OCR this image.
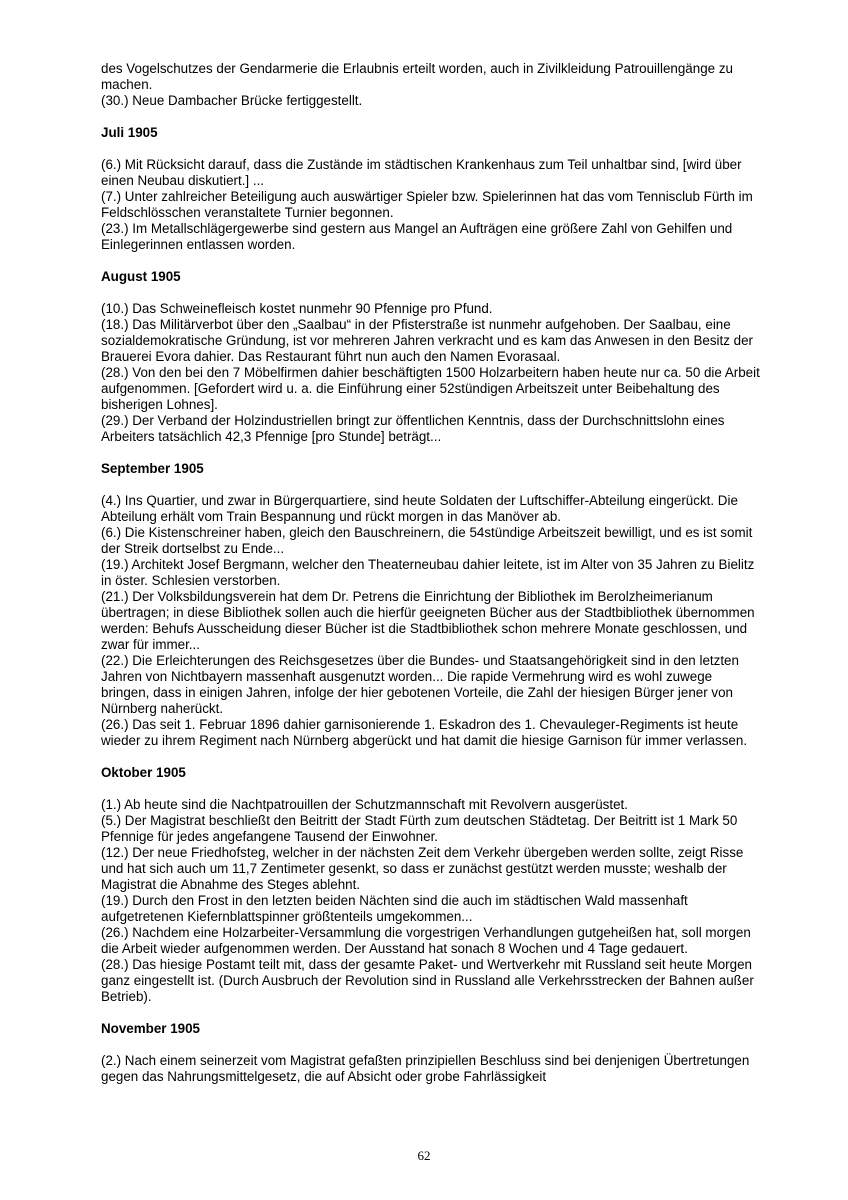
des Vogelschutzes der Gendarmerie die Erlaubnis erteilt worden, auch in Zivilkleidung Patrouillengänge zu machen.

(30.) Neue Dambacher Brücke fertiggestellt.

Juli 1905

(6.) Mit Rücksicht darauf, dass die Zustände im städtischen Krankenhaus zum Teil unhaltbar sind, [wird über einen Neubau diskutiert.] ...

(7.) Unter zahlreicher Beteiligung auch auswärtiger Spieler bzw. Spielerinnen hat das vom Tennisclub Fürth im Feldschlösschen veranstaltete Turnier begonnen.

(23.) Im Metallschlägergewerbe sind gestern aus Mangel an Aufträgen eine größere Zahl von Gehilfen und Einlegerinnen entlassen worden.

August 1905

(10.) Das Schweinefleisch kostet nunmehr 90 Pfennige pro Pfund.

(18.) Das Militärverbot über den „Saalbau“ in der Pfisterstraße ist nunmehr aufgehoben. Der Saalbau, eine sozialdemokratische Gründung, ist vor mehreren Jahren verkracht und es kam das Anwesen in den Besitz der Brauerei Evora dahier. Das Restaurant führt nun auch den Namen Evorasaal.

(28.) Von den bei den 7 Möbelfirmen dahier beschäftigten 1500 Holzarbeitern haben heute nur ca. 50 die Arbeit aufgenommen. [Gefordert wird u. a. die Einführung einer 52stündigen Arbeitszeit unter Beibehaltung des bisherigen Lohnes].

(29.) Der Verband der Holzindustriellen bringt zur öffentlichen Kenntnis, dass der Durchschnittslohn eines Arbeiters tatsächlich 42,3 Pfennige [pro Stunde] beträgt...

September 1905

(4.) Ins Quartier, und zwar in Bürgerquartiere, sind heute Soldaten der Luftschiffer-Abteilung eingerückt. Die Abteilung erhält vom Train Bespannung und rückt morgen in das Manöver ab.

(6.) Die Kistenschreiner haben, gleich den Bauschreinern, die 54stündige Arbeitszeit bewilligt, und es ist somit der Streik dortselbst zu Ende...

(19.) Architekt Josef Bergmann, welcher den Theaterneubau dahier leitete, ist im Alter von 35 Jahren zu Bielitz in öster. Schlesien verstorben.

(21.) Der Volksbildungsverein hat dem Dr. Petrens die Einrichtung der Bibliothek im Berolzheimerianum übertragen; in diese Bibliothek sollen auch die hierfür geeigneten Bücher aus der Stadtbibliothek übernommen werden: Behufs Ausscheidung dieser Bücher ist die Stadtbibliothek schon mehrere Monate geschlossen, und zwar für immer...

(22.) Die Erleichterungen des Reichsgesetzes über die Bundes- und Staatsangehörigkeit sind in den letzten Jahren von Nichtbayern massenhaft ausgenutzt worden... Die rapide Vermehrung wird es wohl zuwege bringen, dass in einigen Jahren, infolge der hier gebotenen Vorteile, die Zahl der hiesigen Bürger jener von Nürnberg naherückt.

(26.) Das seit 1. Februar 1896 dahier garnisonierende 1. Eskadron des 1. Chevauleger-Regiments ist heute wieder zu ihrem Regiment nach Nürnberg abgerückt und hat damit die hiesige Garnison für immer verlassen.

Oktober 1905

(1.) Ab heute sind die Nachtpatrouillen der Schutzmannschaft mit Revolvern ausgerüstet.

(5.) Der Magistrat beschließt den Beitritt der Stadt Fürth zum deutschen Städtetag. Der Beitritt ist 1 Mark 50 Pfennige für jedes angefangene Tausend der Einwohner.

(12.) Der neue Friedhofsteg, welcher in der nächsten Zeit dem Verkehr übergeben werden sollte, zeigt Risse und hat sich auch um 11,7 Zentimeter gesenkt, so dass er zunächst gestützt werden musste; weshalb der Magistrat die Abnahme des Steges ablehnt.

(19.) Durch den Frost in den letzten beiden Nächten sind die auch im städtischen Wald massenhaft aufgetretenen Kiefernblattspinner größtenteils umgekommen...

(26.) Nachdem eine Holzarbeiter-Versammlung die vorgestrigen Verhandlungen gutgeheißen hat, soll morgen die Arbeit wieder aufgenommen werden. Der Ausstand hat sonach 8 Wochen und 4 Tage gedauert.

(28.) Das hiesige Postamt teilt mit, dass der gesamte Paket- und Wertverkehr mit Russland seit heute Morgen ganz eingestellt ist. (Durch Ausbruch der Revolution sind in Russland alle Verkehrsstrecken der Bahnen außer Betrieb).

November 1905

(2.) Nach einem seinerzeit vom Magistrat gefaßten prinzipiellen Beschluss sind bei denjenigen Übertretungen gegen das Nahrungsmittelgesetz, die auf Absicht oder grobe Fahrlässigkeit

62
